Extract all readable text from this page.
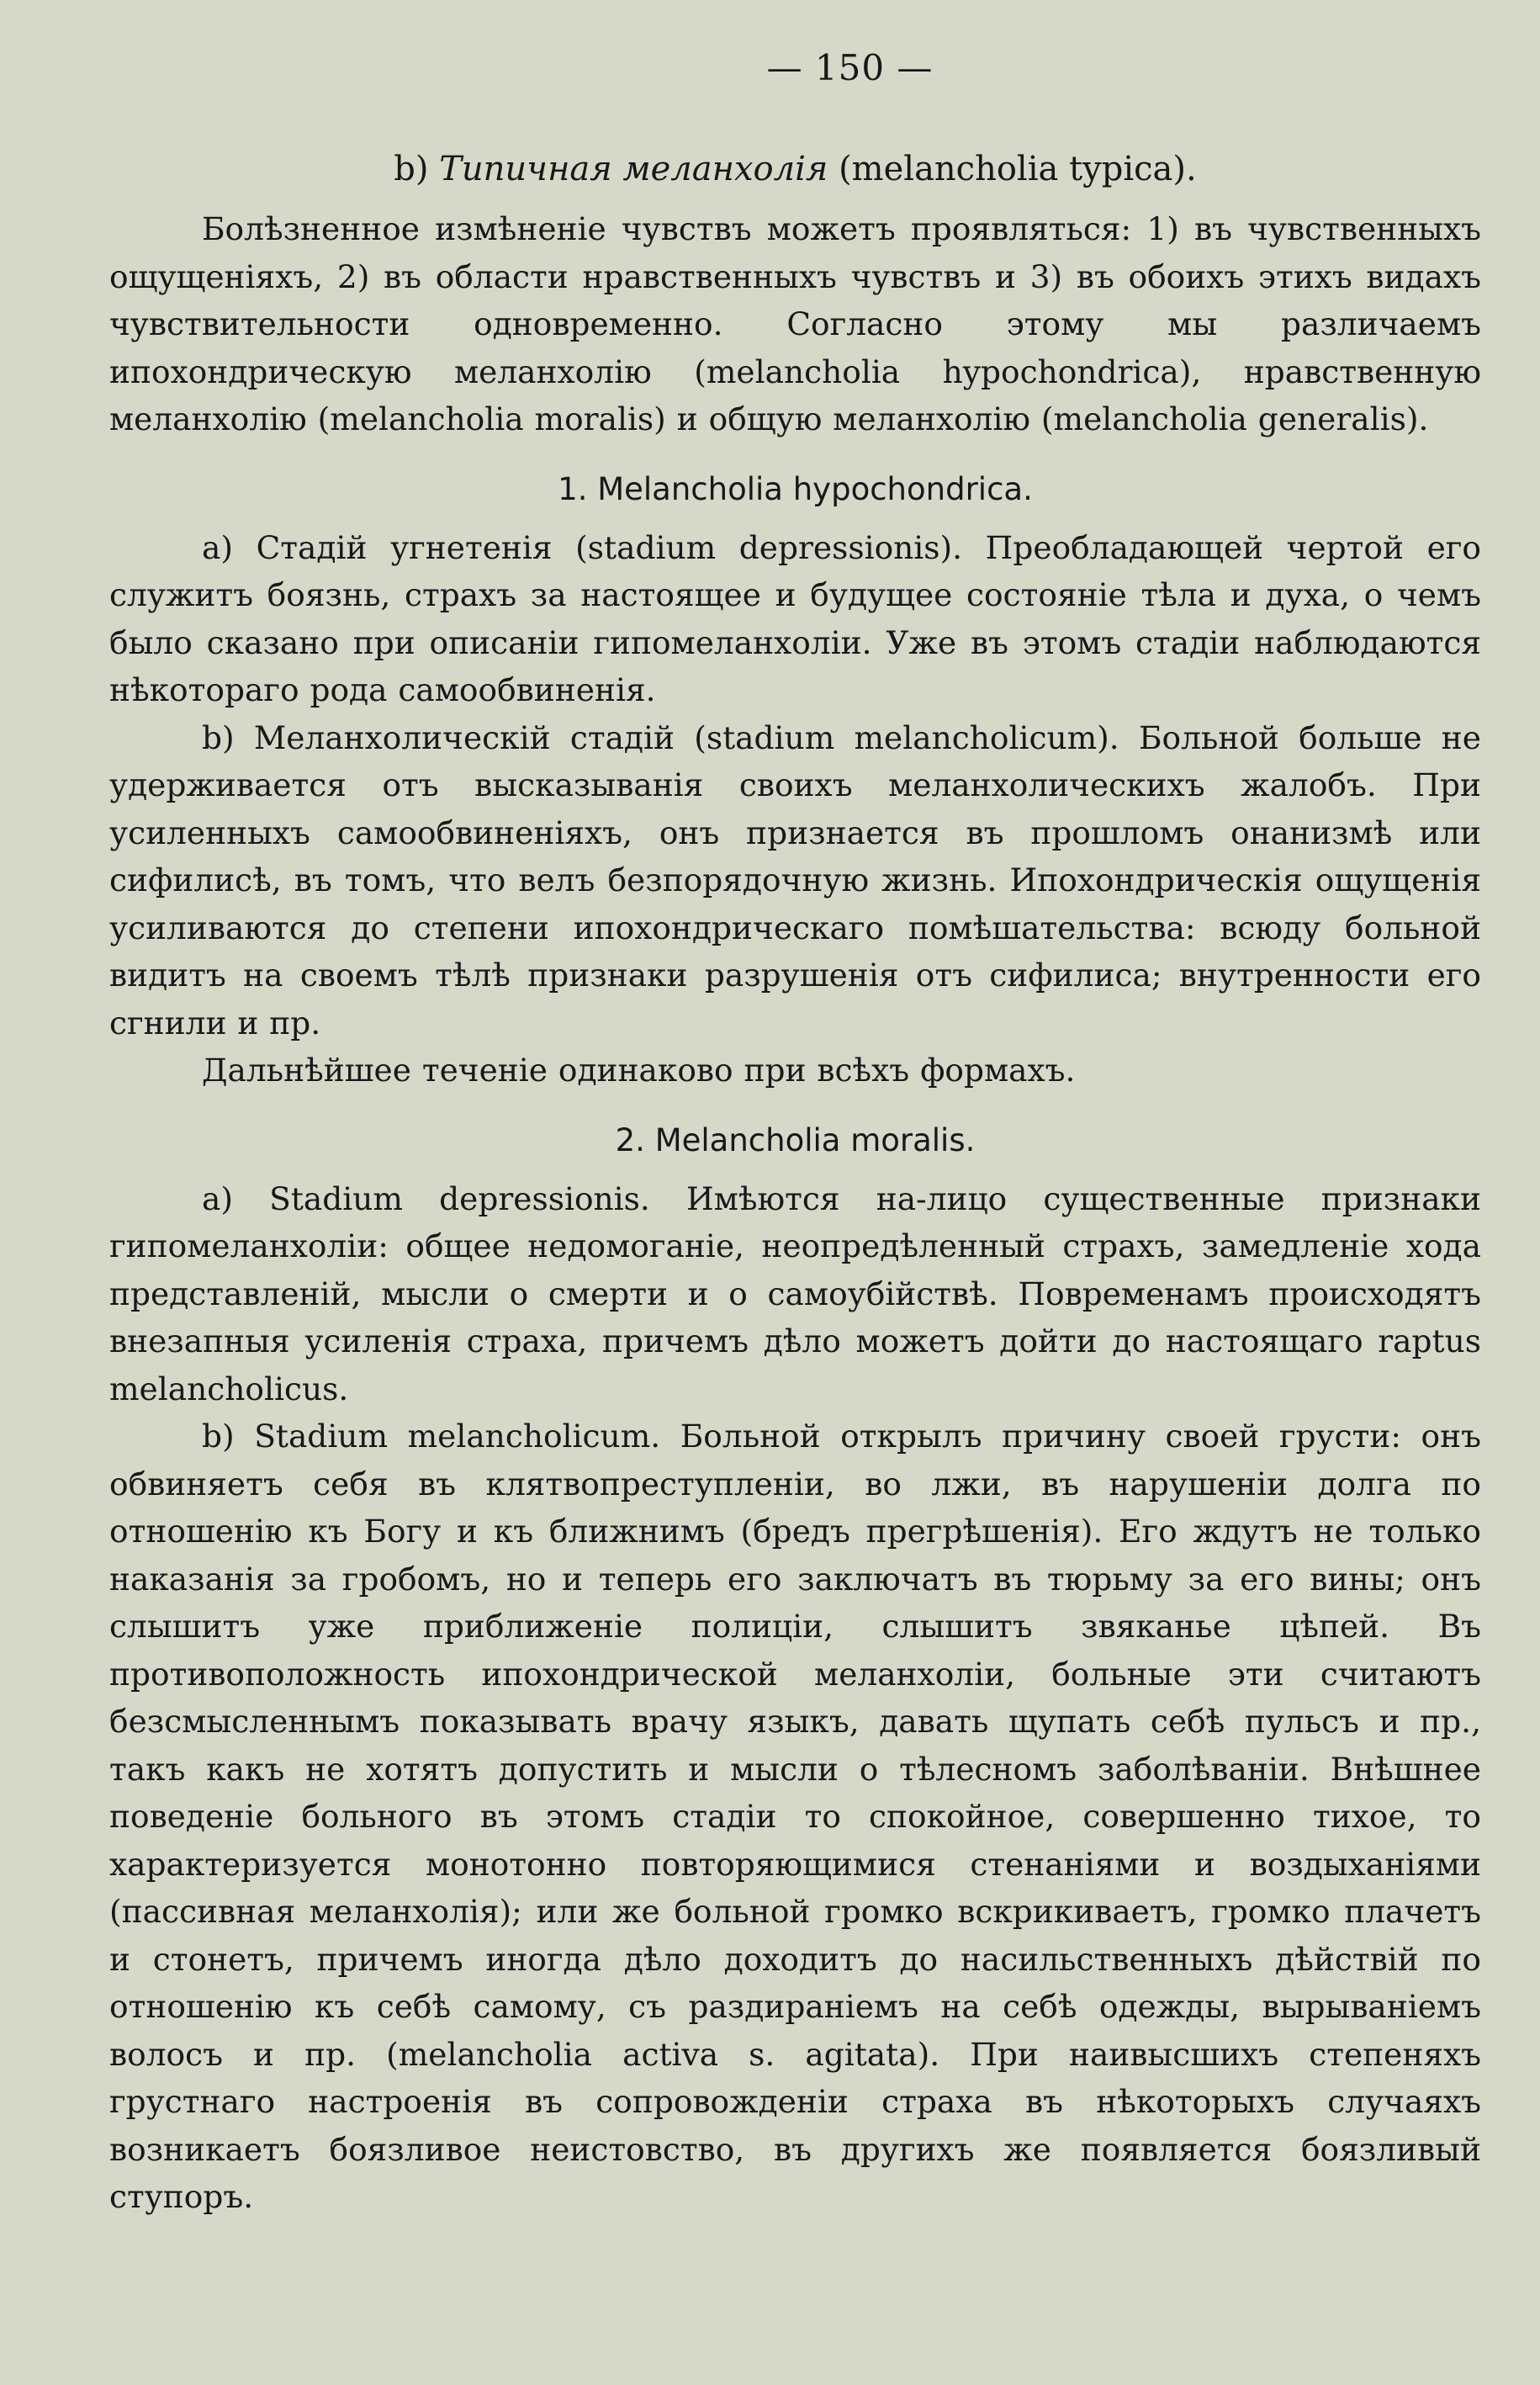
— 150 —
b) Типичная меланхолія (melancholia typica).

Болѣзненное измѣненіе чувствъ можетъ проявляться: 1) въ чувственныхъ ощущеніяхъ, 2) въ области нравственныхъ чувствъ и 3) въ обоихъ этихъ видахъ чувствительности одновременно. Согласно этому мы различаемъ ипохондрическую меланхолію (melancholia hypochondrica), нравственную меланхолію (melancholia moralis) и общую меланхолію (melancholia generalis).

1. Melancholia hypochondrica.

а) Стадій угнетенія (stadium depressionis). Преобладающей чертой его служитъ боязнь, страхъ за настоящее и будущее состояніе тѣла и духа, о чемъ было сказано при описаніи гипомеланхоліи. Уже въ этомъ стадіи наблюдаются нѣкотораго рода самообвиненія.

b) Меланхолическій стадій (stadium melancholicum). Больной больше не удерживается отъ высказыванія своихъ меланхолическихъ жалобъ. При усиленныхъ самообвиненіяхъ, онъ признается въ прошломъ онанизмѣ или сифилисѣ, въ томъ, что велъ безпорядочную жизнь. Ипохондрическія ощущенія усиливаются до степени ипохондрическаго помѣшательства: всюду больной видитъ на своемъ тѣлѣ признаки разрушенія отъ сифилиса; внутренности его сгнили и пр.

Дальнѣйшее теченіе одинаково при всѣхъ формахъ.

2. Melancholia moralis.

а) Stadium depressionis. Имѣются на-лицо существенные признаки гипомеланхоліи: общее недомоганіе, неопредѣленный страхъ, замедленіе хода представленій, мысли о смерти и о самоубійствѣ. Повременамъ происходятъ внезапныя усиленія страха, причемъ дѣло можетъ дойти до настоящаго raptus melancholicus.

b) Stadium melancholicum. Больной открылъ причину своей грусти: онъ обвиняетъ себя въ клятвопреступленіи, во лжи, въ нарушеніи долга по отношенію къ Богу и къ ближнимъ (бредъ прегрѣшенія). Его ждутъ не только наказанія за гробомъ, но и теперь его заключатъ въ тюрьму за его вины; онъ слышитъ уже приближеніе полиціи, слышитъ звяканье цѣпей. Въ противоположность ипохондрической меланхоліи, больные эти считаютъ безсмысленнымъ показывать врачу языкъ, давать щупать себѣ пульсъ и пр., такъ какъ не хотятъ допустить и мысли о тѣлесномъ заболѣваніи. Внѣшнее поведеніе больного въ этомъ стадіи то спокойное, совершенно тихое, то характеризуется монотонно повторяющимися стенаніями и воздыханіями (пассивная меланхолія); или же больной громко вскрикиваетъ, громко плачетъ и стонетъ, причемъ иногда дѣло доходитъ до насильственныхъ дѣйствій по отношенію къ себѣ самому, съ раздираніемъ на себѣ одежды, вырываніемъ волосъ и пр. (melancholia activa s. agitata). При наивысшихъ степеняхъ грустнаго настроенія въ сопровожденіи страха въ нѣкоторыхъ случаяхъ возникаетъ боязливое неистовство, въ другихъ же появляется боязливый ступоръ.
